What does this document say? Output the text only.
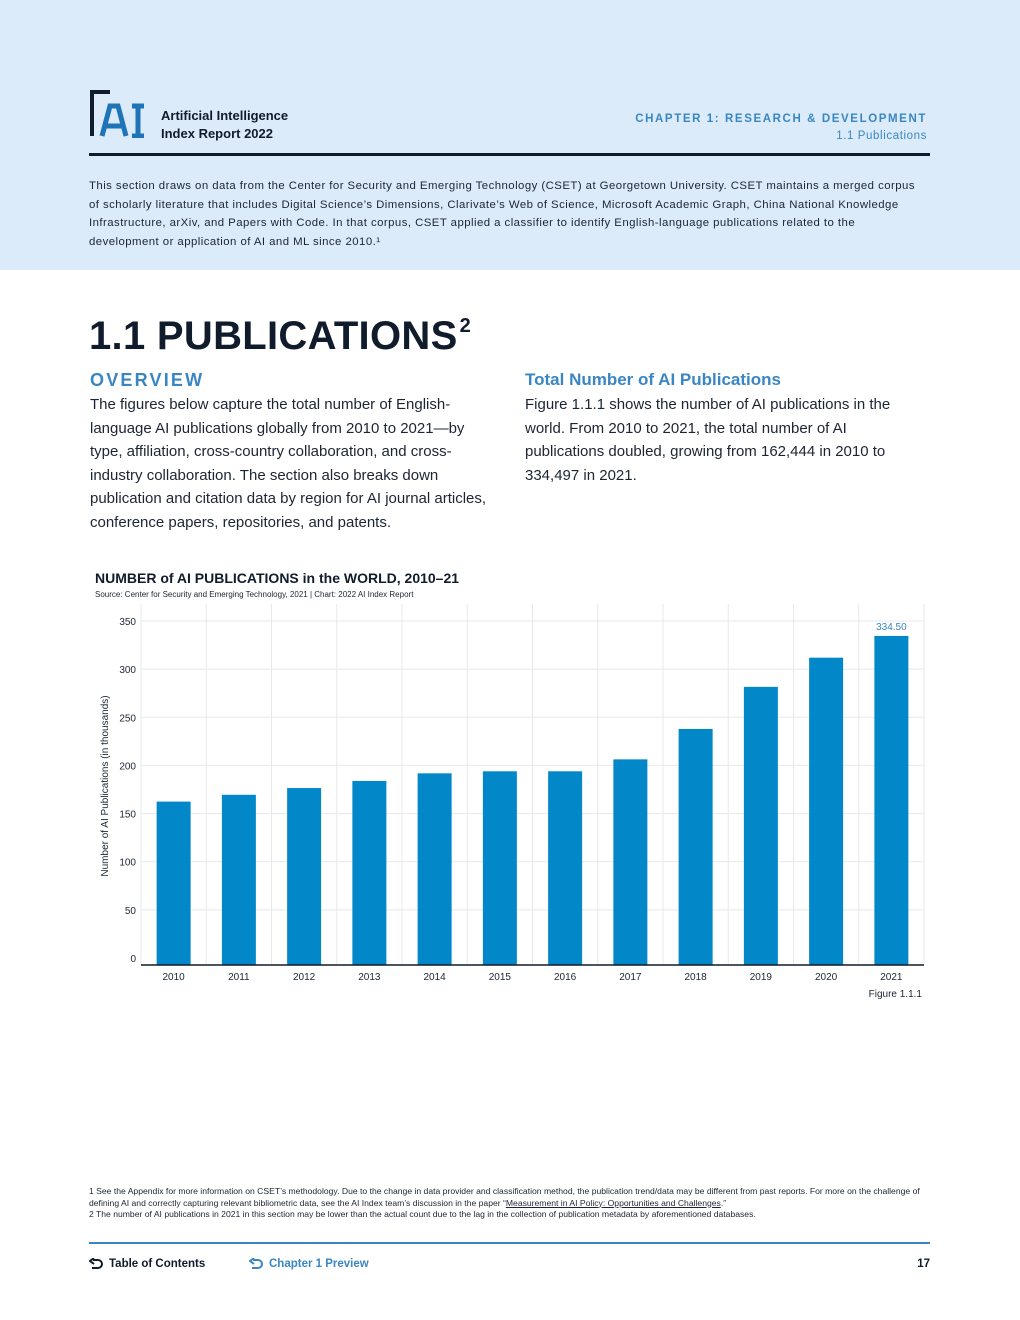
Artificial Intelligence
Index Report 2022
CHAPTER 1: RESEARCH & DEVELOPMENT
1.1 Publications

This section draws on data from the Center for Security and Emerging Technology (CSET) at Georgetown University. CSET maintains a merged corpus of scholarly literature that includes Digital Science’s Dimensions, Clarivate’s Web of Science, Microsoft Academic Graph, China National Knowledge Infrastructure, arXiv, and Papers with Code. In that corpus, CSET applied a classifier to identify English-language publications related to the development or application of AI and ML since 2010.¹

1.1 PUBLICATIONS $^2$
OVERVIEW

The figures below capture the total number of English-language AI publications globally from 2010 to 2021—by type, affiliation, cross-country collaboration, and cross-industry collaboration. The section also breaks down publication and citation data by region for AI journal articles, conference papers, repositories, and patents.

Total Number of AI Publications

Figure 1.1.1 shows the number of AI publications in the world. From 2010 to 2021, the total number of AI publications doubled, growing from 162,444 in 2010 to 334,497 in 2021.

NUMBER of AI PUBLICATIONS in the WORLD, 2010–21
Source: Center for Security and Emerging Technology, 2021 | Chart: 2022 AI Index Report
0
50
100
150
200
250
300
350
Number of AI Publications (in thousands)
2010	2011	2012	2013	2014	2015	2016	2017	2018	2019	2020	2021
334.50
Figure 1.1.1
1 See the Appendix for more information on CSET’s methodology. Due to the change in data provider and classification method, the publication trend/data may be different from past reports. For more on the challenge of defining AI and correctly capturing relevant bibliometric data, see the AI Index team’s discussion in the paper “Measurement in AI Policy: Opportunities and Challenges.”
2 The number of AI publications in 2021 in this section may be lower than the actual count due to the lag in the collection of publication metadata by aforementioned databases.
Table of Contents	Chapter 1 Preview	17
